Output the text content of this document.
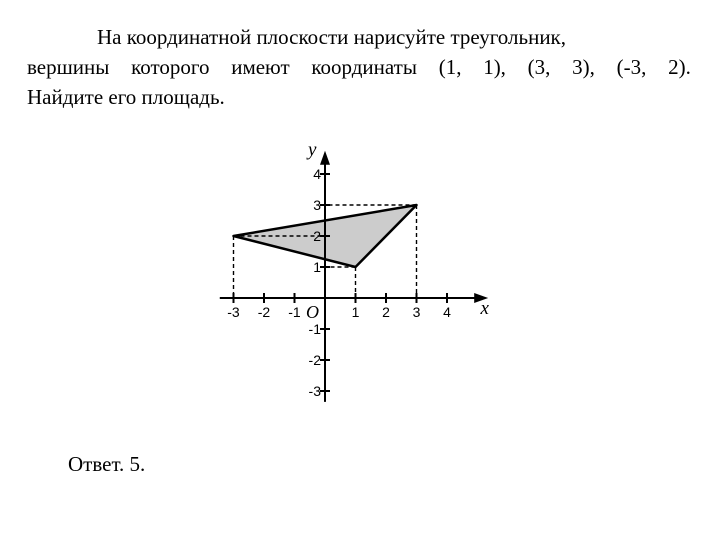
На координатной плоскости нарисуйте треугольник,
вершины которого имеют координаты (1, 1), (3, 3), (-3, 2).
Найдите его площадь.
-3 -2 -1	1 2 3 4
4
3
2
1
-1
-2
-3
x
y
O
Ответ. 5.
